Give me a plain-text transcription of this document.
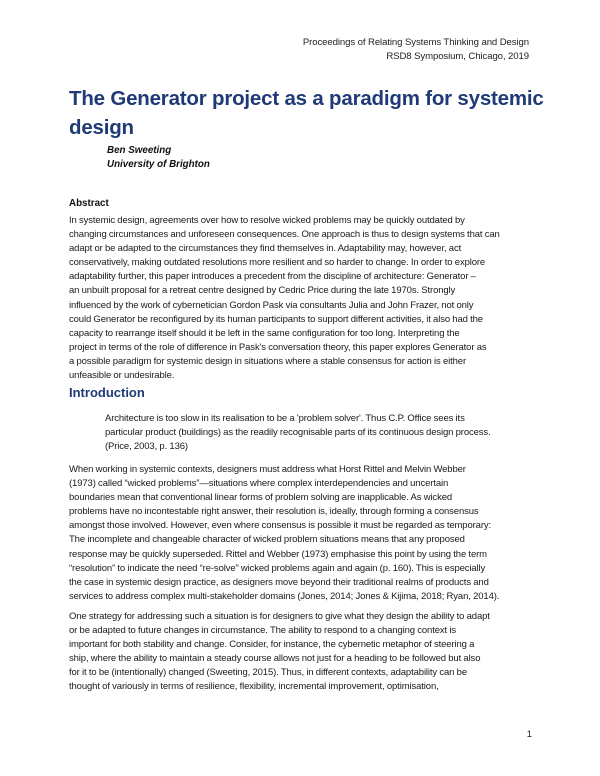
Proceedings of Relating Systems Thinking and Design
RSD8 Symposium, Chicago, 2019
The Generator project as a paradigm for systemic
design
Ben Sweeting
University of Brighton
Abstract

In systemic design, agreements over how to resolve wicked problems may be quickly outdated by
changing circumstances and unforeseen consequences. One approach is thus to design systems that can
adapt or be adapted to the circumstances they find themselves in. Adaptability may, however, act
conservatively, making outdated resolutions more resilient and so harder to change. In order to explore
adaptability further, this paper introduces a precedent from the discipline of architecture: Generator –
an unbuilt proposal for a retreat centre designed by Cedric Price during the late 1970s. Strongly
influenced by the work of cybernetician Gordon Pask via consultants Julia and John Frazer, not only
could Generator be reconfigured by its human participants to support different activities, it also had the
capacity to rearrange itself should it be left in the same configuration for too long. Interpreting the
project in terms of the role of difference in Pask's conversation theory, this paper explores Generator as
a possible paradigm for systemic design in situations where a stable consensus for action is either
unfeasible or undesirable.

Introduction

Architecture is too slow in its realisation to be a 'problem solver'. Thus C.P. Office sees its
particular product (buildings) as the readily recognisable parts of its continuous design process.
(Price, 2003, p. 136)

When working in systemic contexts, designers must address what Horst Rittel and Melvin Webber
(1973) called “wicked problems”—situations where complex interdependencies and uncertain
boundaries mean that conventional linear forms of problem solving are inapplicable. As wicked
problems have no incontestable right answer, their resolution is, ideally, through forming a consensus
amongst those involved. However, even where consensus is possible it must be regarded as temporary:
The incomplete and changeable character of wicked problem situations means that any proposed
response may be quickly superseded. Rittel and Webber (1973) emphasise this point by using the term
“resolution” to indicate the need “re-solve” wicked problems again and again (p. 160). This is especially
the case in systemic design practice, as designers move beyond their traditional realms of products and
services to address complex multi-stakeholder domains (Jones, 2014; Jones & Kijima, 2018; Ryan, 2014).

One strategy for addressing such a situation is for designers to give what they design the ability to adapt
or be adapted to future changes in circumstance. The ability to respond to a changing context is
important for both stability and change. Consider, for instance, the cybernetic metaphor of steering a
ship, where the ability to maintain a steady course allows not just for a heading to be followed but also
for it to be (intentionally) changed (Sweeting, 2015). Thus, in different contexts, adaptability can be
thought of variously in terms of resilience, flexibility, incremental improvement, optimisation,

1
